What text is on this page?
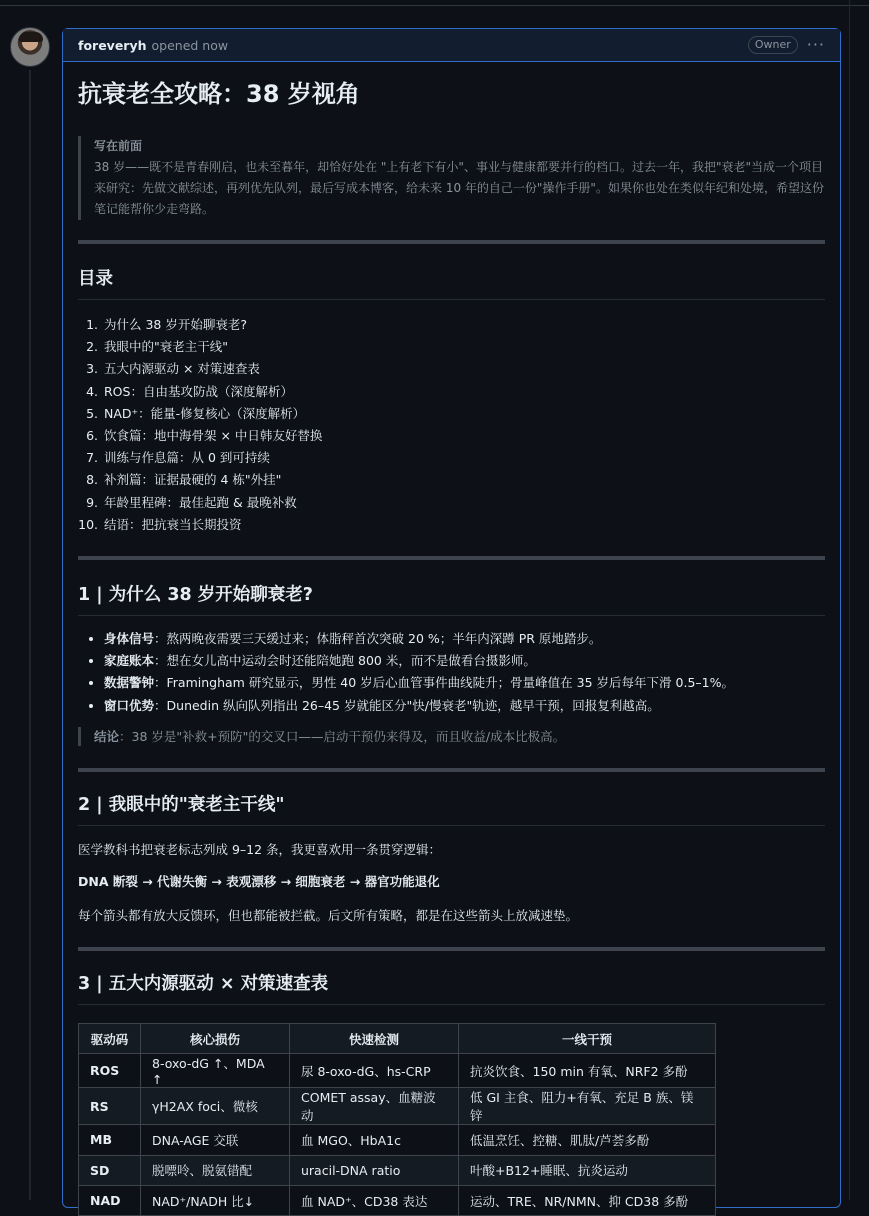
foreveryh opened now	Owner	···
抗衰老全攻略：38 岁视角
写在前面
38 岁——既不是青春刚启，也未至暮年，却恰好处在 "上有老下有小"、事业与健康都要并行的档口。过去一年，我把"衰老"当成一个项目来研究：先做文献综述，再列优先队列，最后写成本博客，给未来 10 年的自己一份"操作手册"。如果你也处在类似年纪和处境，希望这份笔记能帮你少走弯路。
目录
1. 为什么 38 岁开始聊衰老?
2. 我眼中的"衰老主干线"
3. 五大内源驱动 × 对策速查表
4. ROS：自由基攻防战（深度解析）
5. NAD⁺：能量-修复核心（深度解析）
6. 饮食篇：地中海骨架 × 中日韩友好替换
7. 训练与作息篇：从 0 到可持续
8. 补剂篇：证据最硬的 4 栋"外挂"
9. 年龄里程碑：最佳起跑 & 最晚补救
10. 结语：把抗衰当长期投资
1 | 为什么 38 岁开始聊衰老?
• 身体信号：熬两晚夜需要三天缓过来；体脂秤首次突破 20 %；半年内深蹲 PR 原地踏步。
• 家庭账本：想在女儿高中运动会时还能陪她跑 800 米，而不是做看台摄影师。
• 数据警钟：Framingham 研究显示，男性 40 岁后心血管事件曲线陡升；骨量峰值在 35 岁后每年下滑 0.5–1%。
• 窗口优势：Dunedin 纵向队列指出 26–45 岁就能区分"快/慢衰老"轨迹，越早干预，回报复利越高。
结论：38 岁是"补救+预防"的交叉口——启动干预仍来得及，而且收益/成本比极高。
2 | 我眼中的"衰老主干线"

医学教科书把衰老标志列成 9–12 条，我更喜欢用一条贯穿逻辑：

DNA 断裂 → 代谢失衡 → 表观漂移 → 细胞衰老 → 器官功能退化

每个箭头都有放大反馈环，但也都能被拦截。后文所有策略，都是在这些箭头上放减速垫。

3 | 五大内源驱动 × 对策速查表
驱动码	核心损伤	快速检测	一线干预
ROS	8-oxo-dG ↑、MDA ↑	尿 8-oxo-dG、hs-CRP	抗炎饮食、150 min 有氧、NRF2 多酚
RS	γH2AX foci、微核	COMET assay、血糖波动	低 GI 主食、阻力+有氧、充足 B 族、镁锌
MB	DNA-AGE 交联	血 MGO、HbA1c	低温烹饪、控糖、肌肽/芦荟多酚
SD	脱嘌呤、脱氨错配	uracil-DNA ratio	叶酸+B12+睡眠、抗炎运动
NAD	NAD⁺/NADH 比↓	血 NAD⁺、CD38 表达	运动、TRE、NR/NMN、抑 CD38 多酚
